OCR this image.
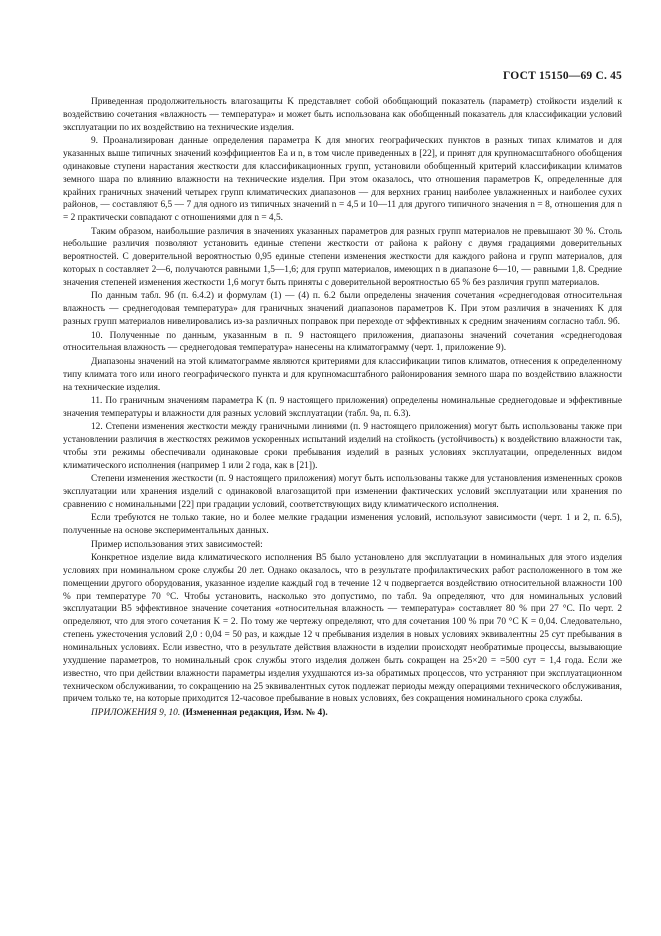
ГОСТ 15150—69 С. 45

Приведенная продолжительность влагозащиты K представляет собой обобщающий показатель (параметр) стойкости изделий к воздействию сочетания «влажность — температура» и может быть использована как обобщенный показатель для классификации условий эксплуатации по их воздействию на технические изделия.

9. Проанализирован данные определения параметра K для многих географических пунктов в разных типах климатов и для указанных выше типичных значений коэффициентов Ea и n, в том числе приведенных в [22], и принят для крупномасштабного обобщения одинаковые ступени нарастания жесткости для классификационных групп, установили обобщенный критерий классификации климатов земного шара по влиянию влажности на технические изделия. При этом оказалось, что отношения параметров K, определенные для крайних граничных значений четырех групп климатических диапазонов — для верхних границ наиболее увлажненных и наиболее сухих районов, — составляют 6,5 — 7 для одного из типичных значений n = 4,5 и 10—11 для другого типичного значения n = 8, отношения для n = 2 практически совпадают с отношениями для n = 4,5.

Таким образом, наибольшие различия в значениях указанных параметров для разных групп материалов не превышают 30 %. Столь небольшие различия позволяют установить единые степени жесткости от района к району с двумя градациями доверительных вероятностей. С доверительной вероятностью 0,95 единые степени изменения жесткости для каждого района и групп материалов, для которых n составляет 2—6, получаются равными 1,5—1,6; для групп материалов, имеющих n в диапазоне 6—10, — равными 1,8. Средние значения степеней изменения жесткости 1,6 могут быть приняты с доверительной вероятностью 65 % без различия групп материалов.

По данным табл. 9б (п. 6.4.2) и формулам (1) — (4) п. 6.2 были определены значения сочетания «среднегодовая относительная влажность — среднегодовая температура» для граничных значений диапазонов параметров K. При этом различия в значениях K для разных групп материалов нивелировались из-за различных поправок при переходе от эффективных к средним значениям согласно табл. 9б.

10. Полученные по данным, указанным в п. 9 настоящего приложения, диапазоны значений сочетания «среднегодовая относительная влажность — среднегодовая температура» нанесены на климатограмму (черт. 1, приложение 9).

Диапазоны значений на этой климатограмме являются критериями для классификации типов климатов, отнесения к определенному типу климата того или иного географического пункта и для крупномасштабного районирования земного шара по воздействию влажности на технические изделия.

11. По граничным значениям параметра K (п. 9 настоящего приложения) определены номинальные среднегодовые и эффективные значения температуры и влажности для разных условий эксплуатации (табл. 9а, п. 6.3).

12. Степени изменения жесткости между граничными линиями (п. 9 настоящего приложения) могут быть использованы также при установлении различия в жесткостях режимов ускоренных испытаний изделий на стойкость (устойчивость) к воздействию влажности так, чтобы эти режимы обеспечивали одинаковые сроки пребывания изделий в разных условиях эксплуатации, определенных видом климатического исполнения (например 1 или 2 года, как в [21]).

Степени изменения жесткости (п. 9 настоящего приложения) могут быть использованы также для установления измененных сроков эксплуатации или хранения изделий с одинаковой влагозащитой при изменении фактических условий эксплуатации или хранения по сравнению с номинальными [22] при градации условий, соответствующих виду климатического исполнения.

Если требуются не только такие, но и более мелкие градации изменения условий, используют зависимости (черт. 1 и 2, п. 6.5), полученные на основе экспериментальных данных.

Пример использования этих зависимостей:

Конкретное изделие вида климатического исполнения В5 было установлено для эксплуатации в номинальных для этого изделия условиях при номинальном сроке службы 20 лет. Однако оказалось, что в результате профилактических работ расположенного в том же помещении другого оборудования, указанное изделие каждый год в течение 12 ч подвергается воздействию относительной влажности 100 % при температуре 70 °С. Чтобы установить, насколько это допустимо, по табл. 9а определяют, что для номинальных условий эксплуатации В5 эффективное значение сочетания «относительная влажность — температура» составляет 80 % при 27 °С. По черт. 2 определяют, что для этого сочетания K = 2. По тому же чертежу определяют, что для сочетания 100 % при 70 °С K = 0,04. Следовательно, степень ужесточения условий 2,0 : 0,04 = 50 раз, и каждые 12 ч пребывания изделия в новых условиях эквивалентны 25 сут пребывания в номинальных условиях. Если известно, что в результате действия влажности в изделии происходят необратимые процессы, вызывающие ухудшение параметров, то номинальный срок службы этого изделия должен быть сокращен на 25×20 = =500 сут = 1,4 года. Если же известно, что при действии влажности параметры изделия ухудшаются из-за обратимых процессов, что устраняют при эксплуатационном техническом обслуживании, то сокращению на 25 эквивалентных суток подлежат периоды между операциями технического обслуживания, причем только те, на которые приходится 12-часовое пребывание в новых условиях, без сокращения номинального срока службы.

ПРИЛОЖЕНИЯ 9, 10. (Измененная редакция, Изм. № 4).
